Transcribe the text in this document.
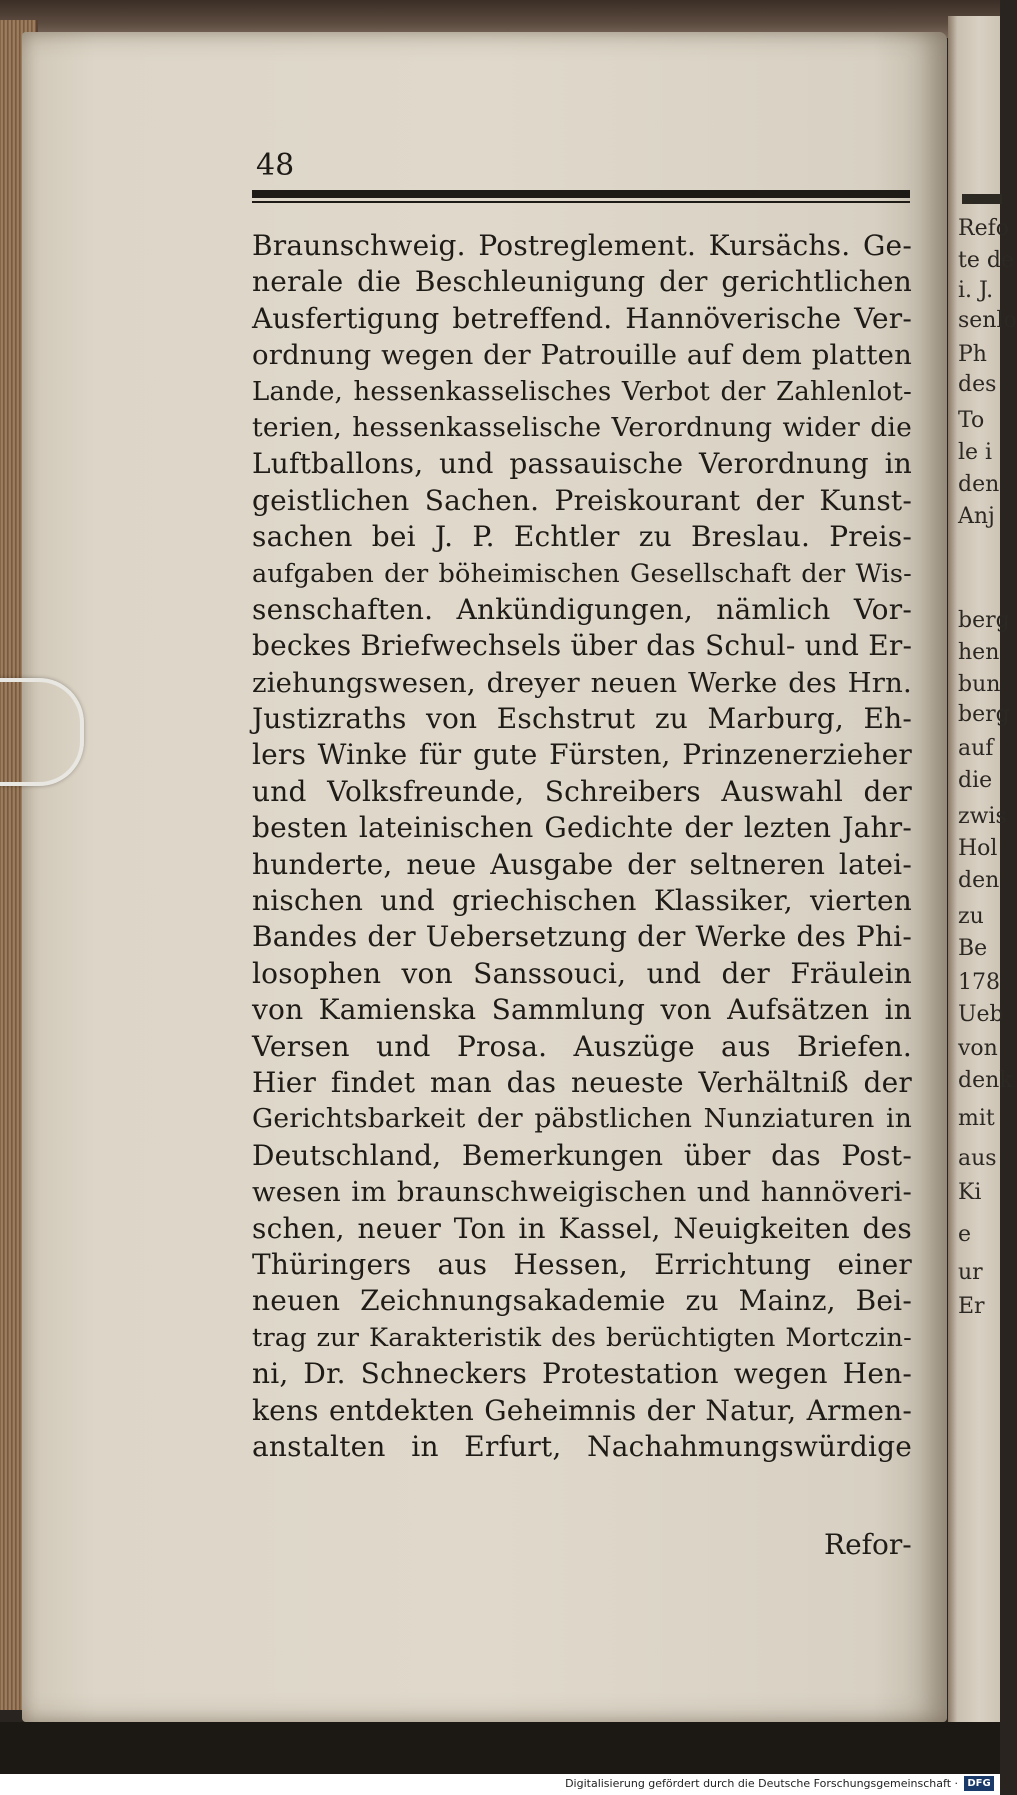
48
Braunschweig. Postreglement. Kursächs. Ge-
nerale die Beschleunigung der gerichtlichen
Ausfertigung betreffend. Hannöverische Ver-
ordnung wegen der Patrouille auf dem platten
Lande, hessenkasselisches Verbot der Zahlenlot-
terien, hessenkasselische Verordnung wider die
Luftballons, und passauische Verordnung in
geistlichen Sachen. Preiskourant der Kunst-
sachen bei J. P. Echtler zu Breslau. Preis-
aufgaben der böheimischen Gesellschaft der Wis-
senschaften. Ankündigungen, nämlich Vor-
beckes Briefwechsels über das Schul- und Er-
ziehungswesen, dreyer neuen Werke des Hrn.
Justizraths von Eschstrut zu Marburg, Eh-
lers Winke für gute Fürsten, Prinzenerzieher
und Volksfreunde, Schreibers Auswahl der
besten lateinischen Gedichte der lezten Jahr-
hunderte, neue Ausgabe der seltneren latei-
nischen und griechischen Klassiker, vierten
Bandes der Uebersetzung der Werke des Phi-
losophen von Sanssouci, und der Fräulein
von Kamienska Sammlung von Aufsätzen in
Versen und Prosa. Auszüge aus Briefen.
Hier findet man das neueste Verhältniß der
Gerichtsbarkeit der päbstlichen Nunziaturen in
Deutschland, Bemerkungen über das Post-
wesen im braunschweigischen und hannöveri-
schen, neuer Ton in Kassel, Neuigkeiten des
Thüringers aus Hessen, Errichtung einer
neuen Zeichnungsakademie zu Mainz, Bei-
trag zur Karakteristik des berüchtigten Mortczin-
ni, Dr. Schneckers Protestation wegen Hen-
kens entdekten Geheimnis der Natur, Armen-
anstalten in Erfurt, Nachahmungswürdige
Refor-
Refo
te de
i. J.
senlo
Ph
des
To
le i
den
Anj
berg
hen
bun
berg
auf
die
zwis
Hol
den
zu
Be
178
Ueb
von
denk
mit
aus
Ki
e
ur
Er
Digitalisierung gefördert durch die Deutsche Forschungsgemeinschaft · DFG
